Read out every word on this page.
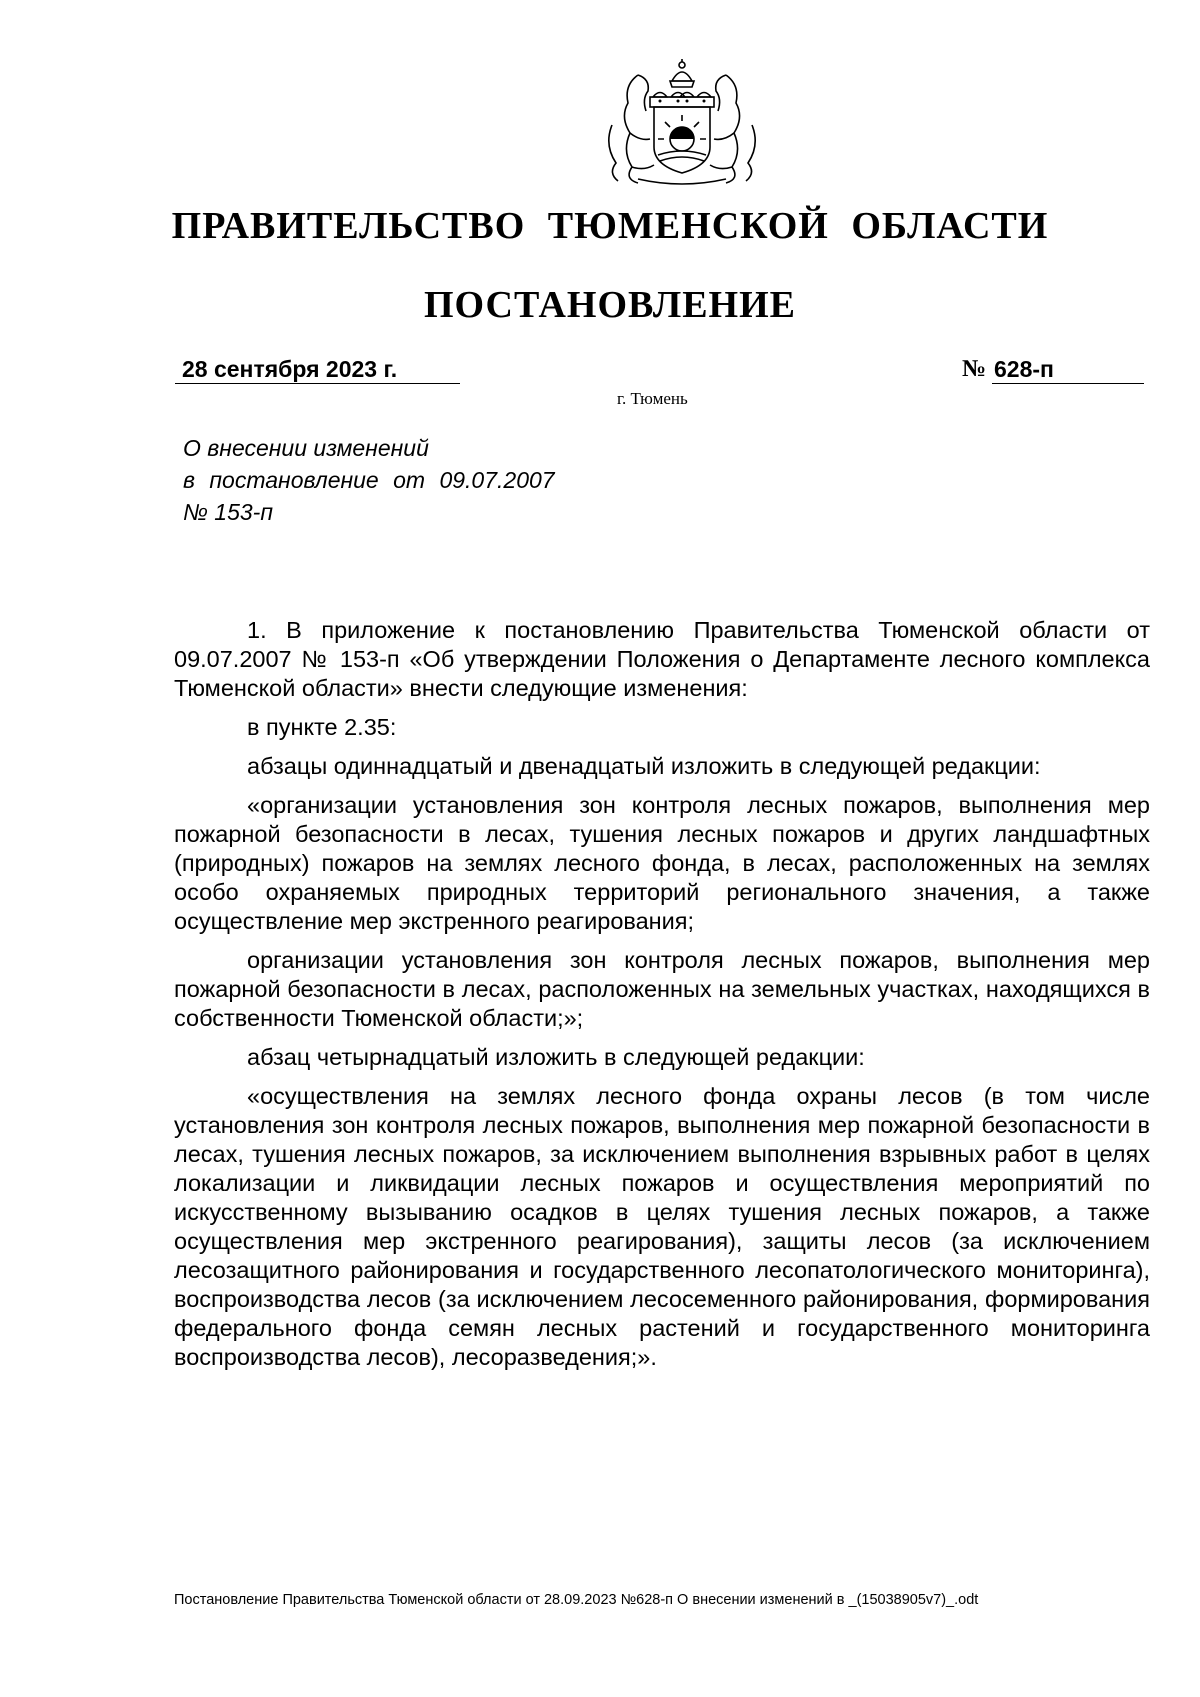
ПРАВИТЕЛЬСТВО ТЮМЕНСКОЙ ОБЛАСТИ
ПОСТАНОВЛЕНИЕ
28 сентября 2023 г.	№ 628-п
г. Тюмень
О внесении изменений
в постановление от 09.07.2007
№ 153-п

1. В приложение к постановлению Правительства Тюменской области от 09.07.2007 № 153-п «Об утверждении Положения о Департаменте лесного комплекса Тюменской области» внести следующие изменения:

в пункте 2.35:

абзацы одиннадцатый и двенадцатый изложить в следующей редакции:

«организации установления зон контроля лесных пожаров, выполнения мер пожарной безопасности в лесах, тушения лесных пожаров и других ландшафтных (природных) пожаров на землях лесного фонда, в лесах, расположенных на землях особо охраняемых природных территорий регионального значения, а также осуществление мер экстренного реагирования;

организации установления зон контроля лесных пожаров, выполнения мер пожарной безопасности в лесах, расположенных на земельных участках, находящихся в собственности Тюменской области;»;

абзац четырнадцатый изложить в следующей редакции:

«осуществления на землях лесного фонда охраны лесов (в том числе установления зон контроля лесных пожаров, выполнения мер пожарной безопасности в лесах, тушения лесных пожаров, за исключением выполнения взрывных работ в целях локализации и ликвидации лесных пожаров и осуществления мероприятий по искусственному вызыванию осадков в целях тушения лесных пожаров, а также осуществления мер экстренного реагирования), защиты лесов (за исключением лесозащитного районирования и государственного лесопатологического мониторинга), воспроизводства лесов (за исключением лесосеменного районирования, формирования федерального фонда семян лесных растений и государственного мониторинга воспроизводства лесов), лесоразведения;».

Постановление Правительства Тюменской области от 28.09.2023 №628-п О внесении изменений в _(15038905v7)_.odt
